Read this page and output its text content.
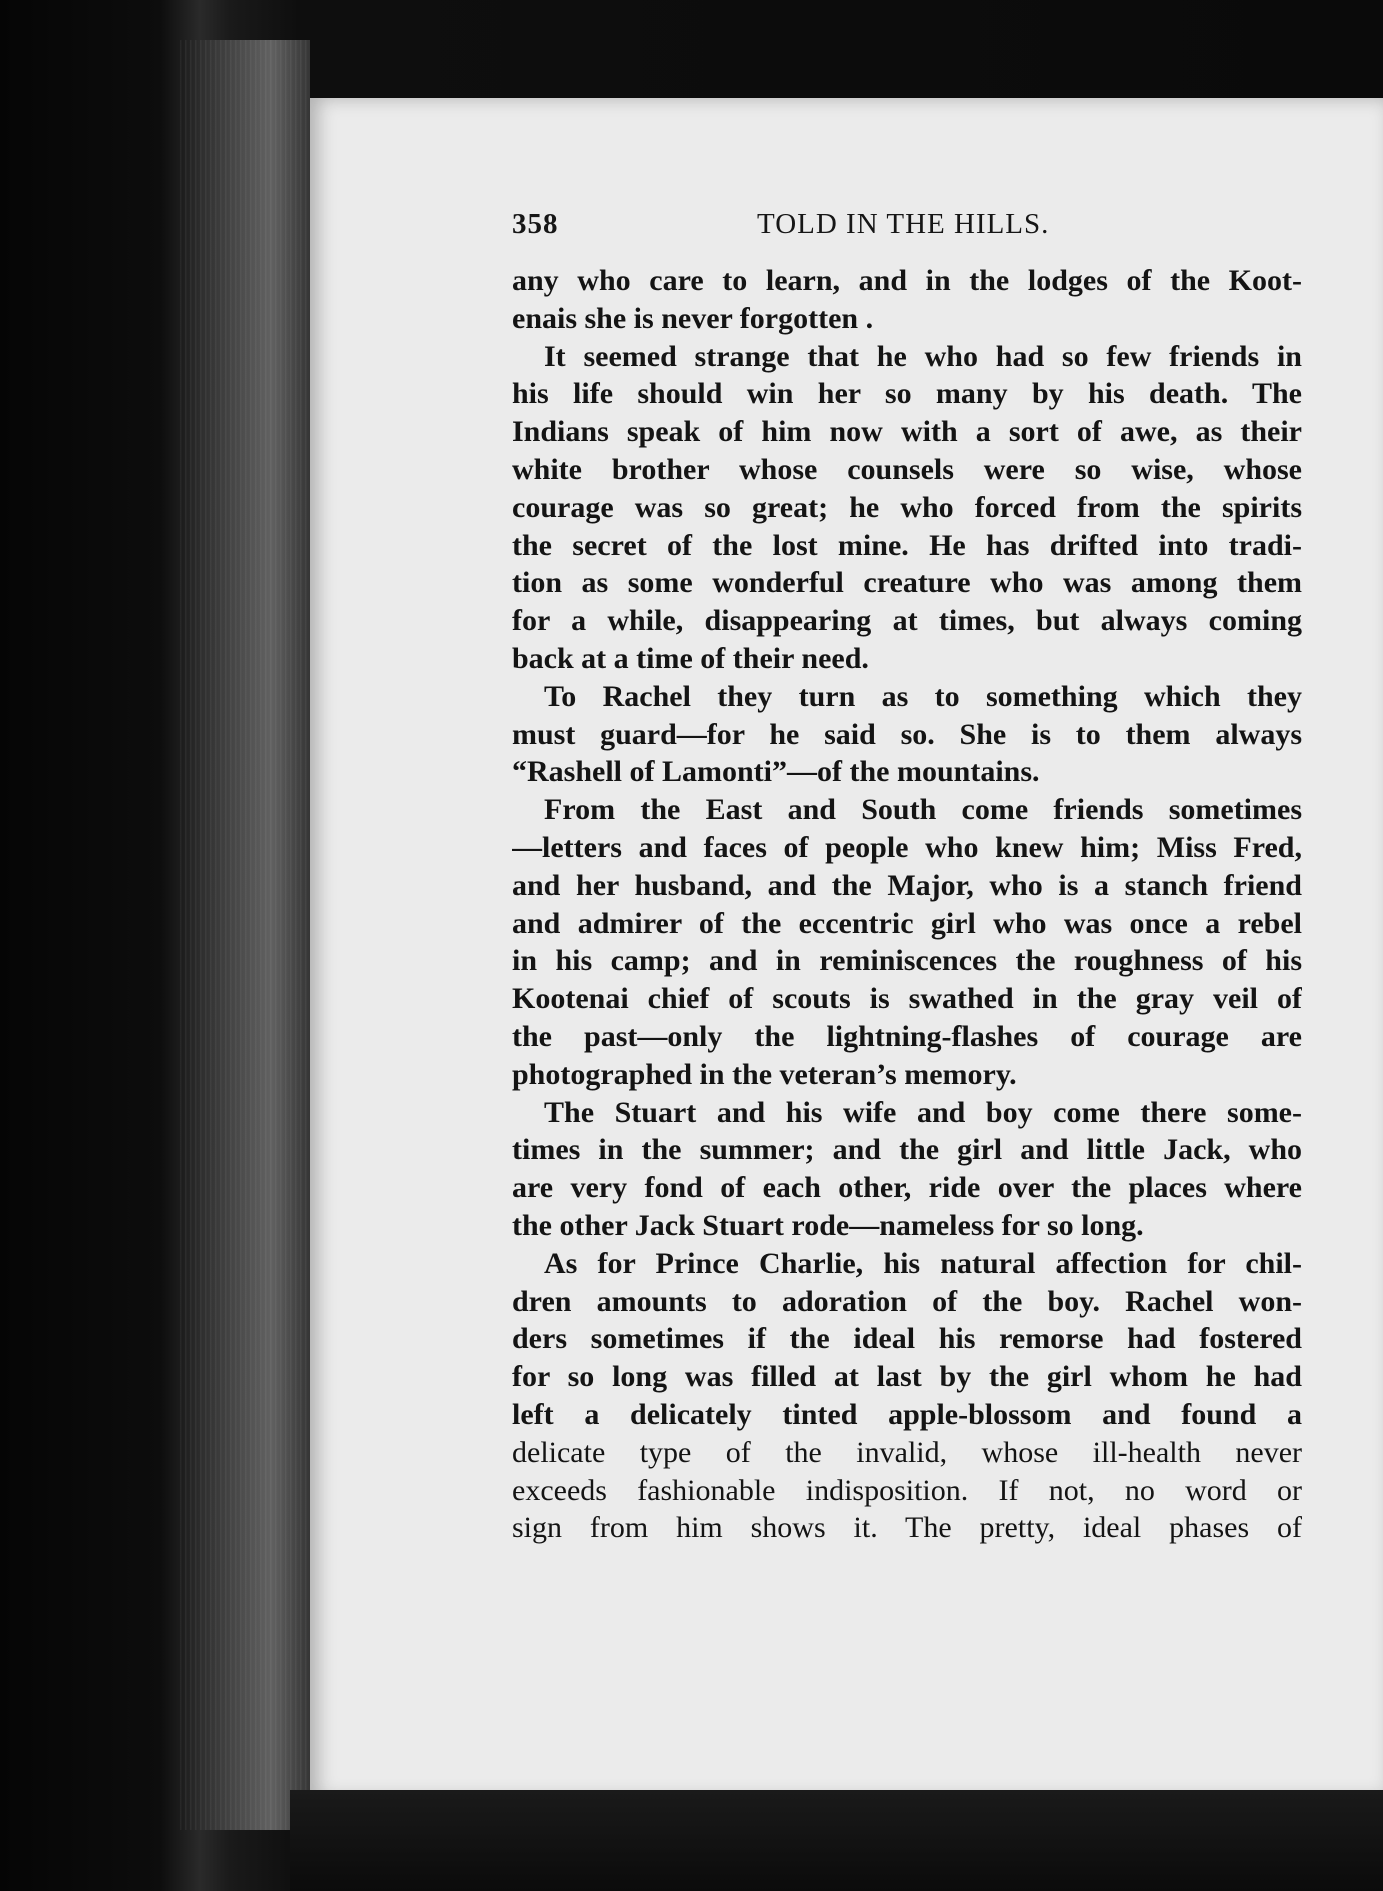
358	TOLD IN THE HILLS.
any who care to learn, and in the lodges of the Koot-
enais she is never forgotten .
It seemed strange that he who had so few friends in
his life should win her so many by his death. The
Indians speak of him now with a sort of awe, as their
white brother whose counsels were so wise, whose
courage was so great; he who forced from the spirits
the secret of the lost mine. He has drifted into tradi-
tion as some wonderful creature who was among them
for a while, disappearing at times, but always coming
back at a time of their need.
To Rachel they turn as to something which they
must guard—for he said so. She is to them always
“Rashell of Lamonti”—of the mountains.
From the East and South come friends sometimes
—letters and faces of people who knew him; Miss Fred,
and her husband, and the Major, who is a stanch friend
and admirer of the eccentric girl who was once a rebel
in his camp; and in reminiscences the roughness of his
Kootenai chief of scouts is swathed in the gray veil of
the past—only the lightning-flashes of courage are
photographed in the veteran’s memory.
The Stuart and his wife and boy come there some-
times in the summer; and the girl and little Jack, who
are very fond of each other, ride over the places where
the other Jack Stuart rode—nameless for so long.
As for Prince Charlie, his natural affection for chil-
dren amounts to adoration of the boy. Rachel won-
ders sometimes if the ideal his remorse had fostered
for so long was filled at last by the girl whom he had
left a delicately tinted apple-blossom and found a
delicate type of the invalid, whose ill-health never
exceeds fashionable indisposition. If not, no word or
sign from him shows it. The pretty, ideal phases of
